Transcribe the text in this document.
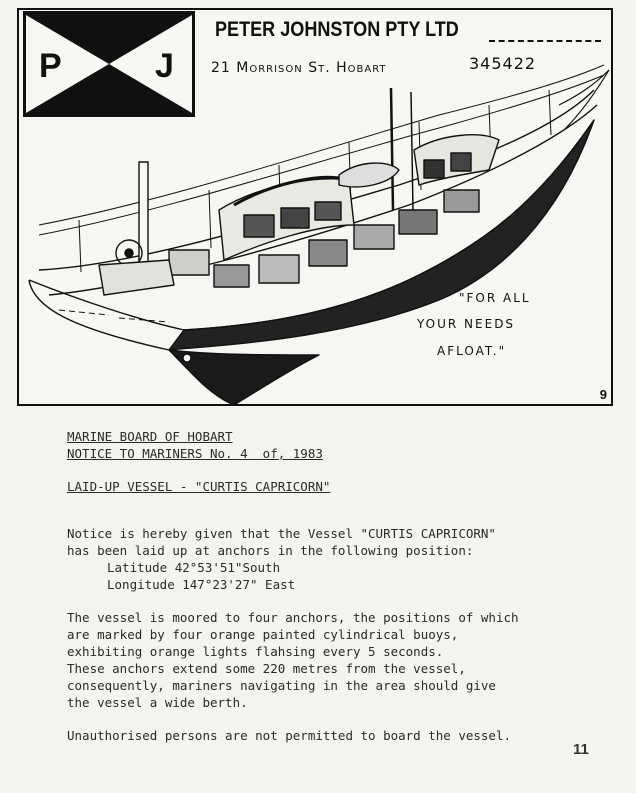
P	J
PETER JOHNSTON PTY LTD
21 Morrison St. Hobart	345422
"FOR ALL
YOUR NEEDS
AFLOAT."
9

MARINE BOARD OF HOBART

NOTICE TO MARINERS No. 4  of, 1983

LAID-UP VESSEL - "CURTIS CAPRICORN"

Notice is hereby given that the Vessel "CURTIS CAPRICORN"

has been laid up at anchors in the following position:

Latitude 42°53'51"South

Longitude 147°23'27" East

The vessel is moored to four anchors, the positions of which

are marked by four orange painted cylindrical buoys,

exhibiting orange lights flahsing every 5 seconds.

These anchors extend some 220 metres from the vessel,

consequently, mariners navigating in the area should give

the vessel a wide berth.

Unauthorised persons are not permitted to board the vessel.

11
